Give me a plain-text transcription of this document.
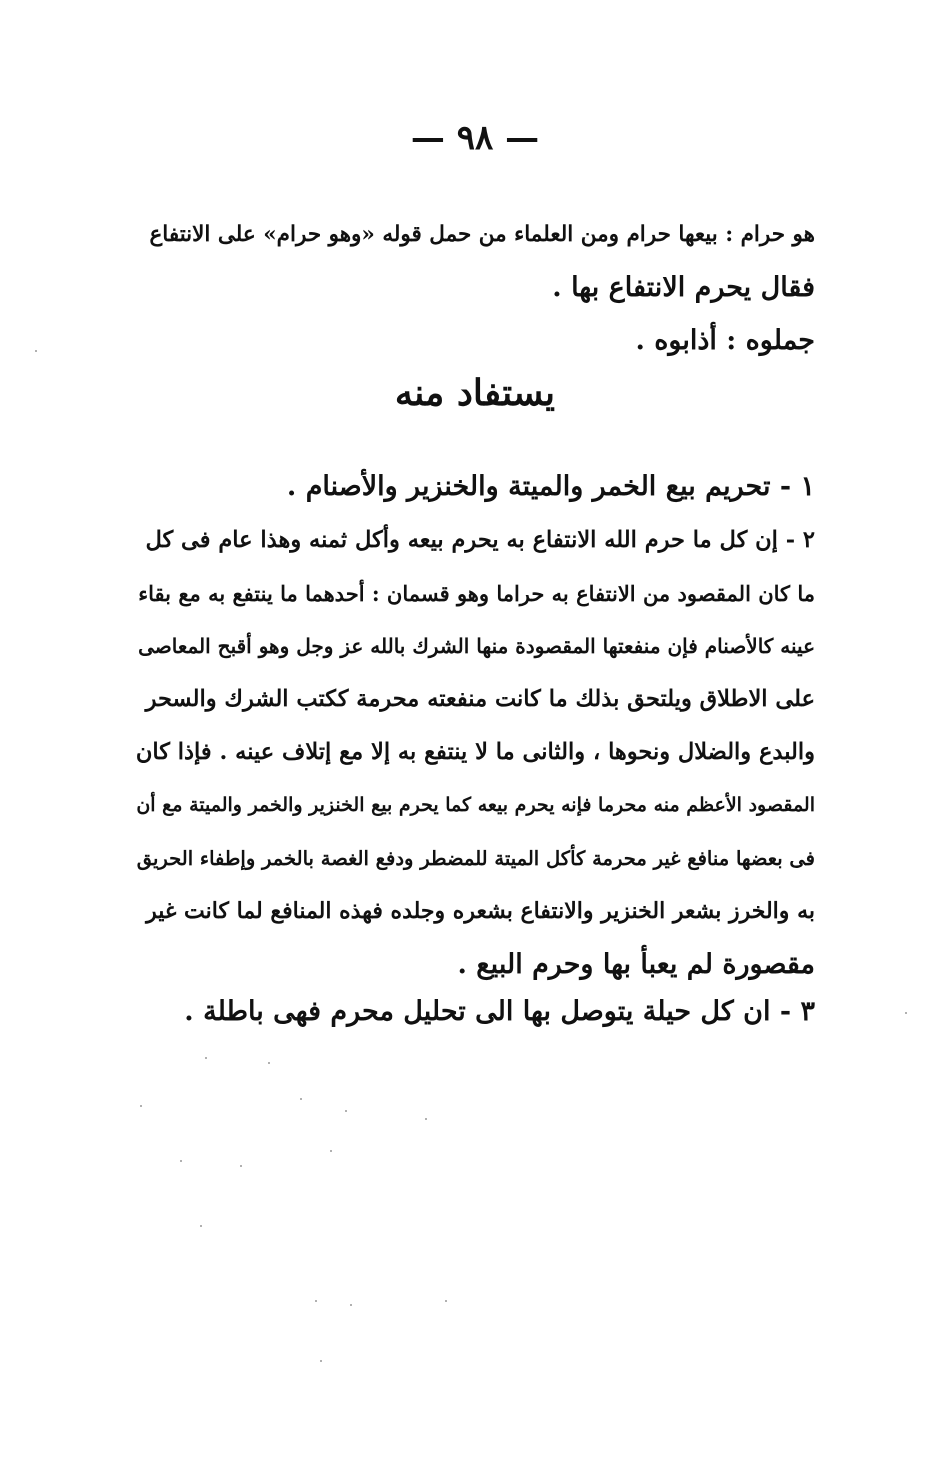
— ٩٨ —
هو حرام : بيعها حرام ومن العلماء من حمل قوله «وهو حرام» على الانتفاع
فقال يحرم الانتفاع بها .
جملوه : أذابوه .
يستفاد منه
١ - تحريم بيع الخمر والميتة والخنزير والأصنام .
٢ - إن كل ما حرم الله الانتفاع به يحرم بيعه وأكل ثمنه وهذا عام فى كل
ما كان المقصود من الانتفاع به حراما وهو قسمان : أحدهما ما ينتفع به مع بقاء
عينه كالأصنام فإن منفعتها المقصودة منها الشرك بالله عز وجل وهو أقبح المعاصى
على الاطلاق ويلتحق بذلك ما كانت منفعته محرمة ككتب الشرك والسحر
والبدع والضلال ونحوها ، والثانى ما لا ينتفع به إلا مع إتلاف عينه . فإذا كان
المقصود الأعظم منه محرما فإنه يحرم بيعه كما يحرم بيع الخنزير والخمر والميتة مع أن
فى بعضها منافع غير محرمة كأكل الميتة للمضطر ودفع الغصة بالخمر وإطفاء الحريق
به والخرز بشعر الخنزير والانتفاع بشعره وجلده فهذه المنافع لما كانت غير
مقصورة لم يعبأ بها وحرم البيع .
٣ - ان كل حيلة يتوصل بها الى تحليل محرم فهى باطلة .
